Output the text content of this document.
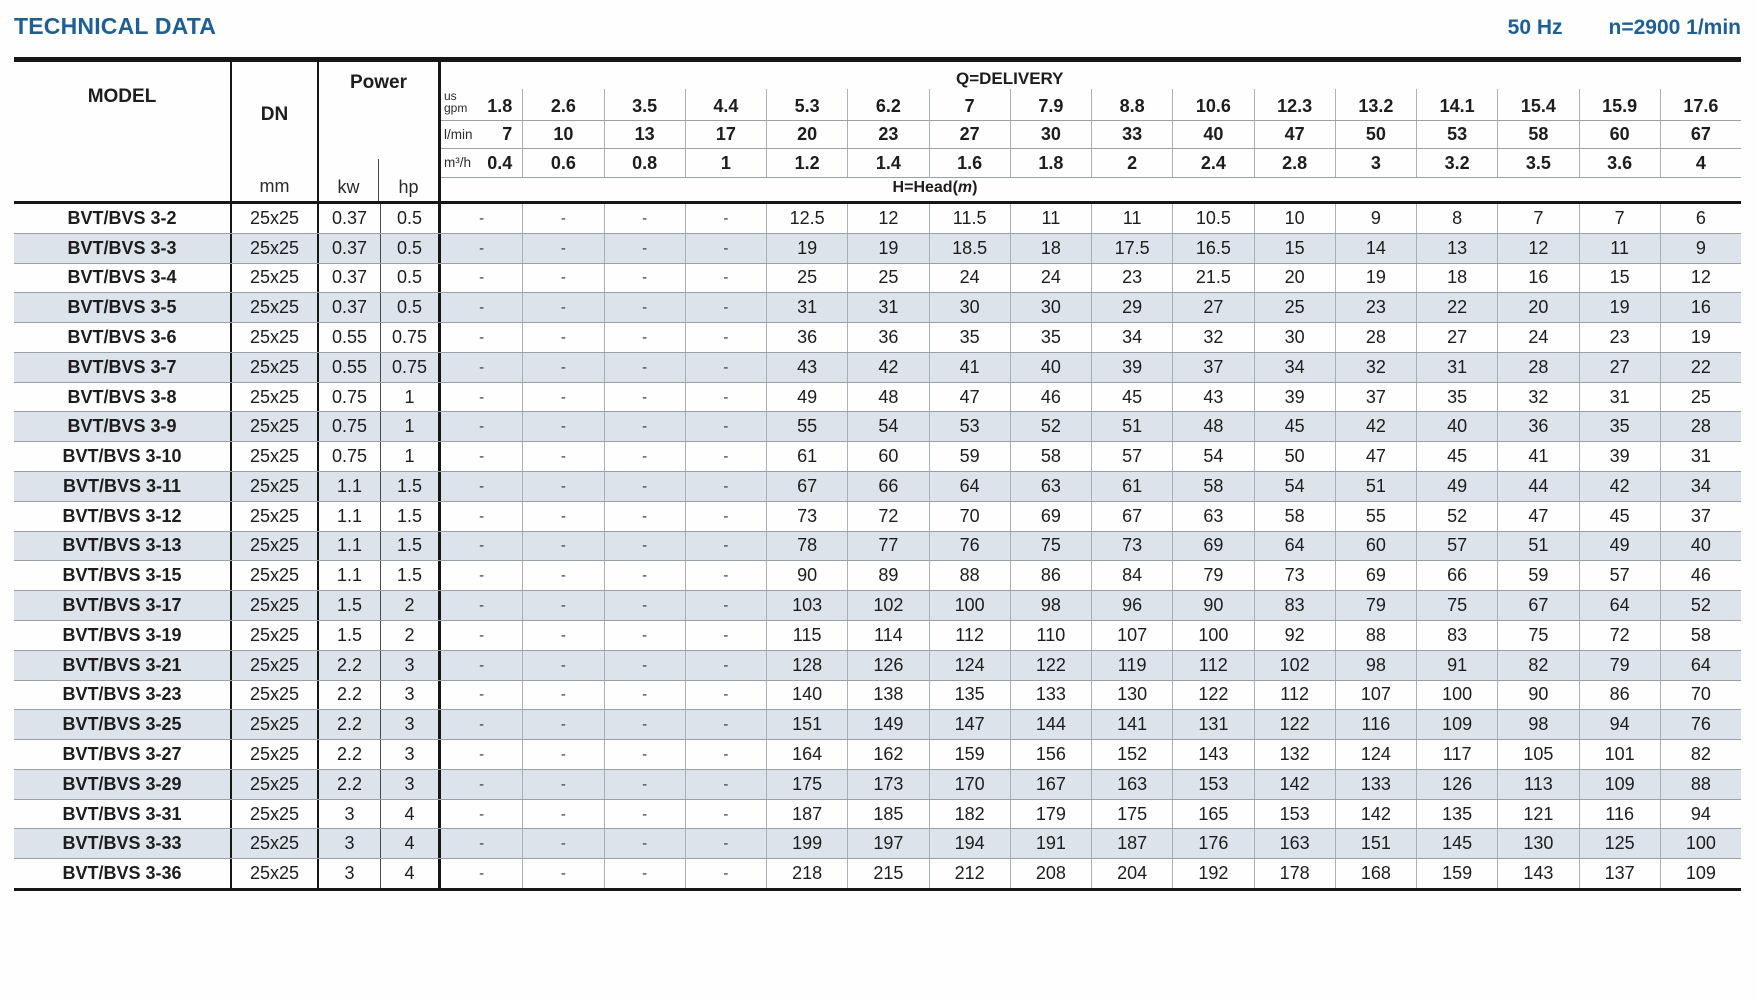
TECHNICAL DATA	50 Hz n=2900 1/min
MODEL
DN
mm
Power
kw	hp
Q=DELIVERY
us
gpm 1.8 2.6	3.5	4.4	5.3	6.2	7	7.9	8.8	10.6	12.3	13.2	14.1	15.4	15.9	17.6
l/min 7 10	13	17	20	23	27	30	33	40	47	50	53	58	60	67
m³/h 0.4 0.6	0.8	1	1.2	1.4	1.6	1.8	2	2.4	2.8	3	3.2	3.5	3.6	4
H=Head(m)
BVT/BVS 3-2	25x25	0.37	0.5	-	-	-	-	12.5	12	11.5	11	11	10.5	10	9	8	7	7	6
BVT/BVS 3-3	25x25	0.37	0.5	-	-	-	-	19	19	18.5	18	17.5	16.5	15	14	13	12	11	9
BVT/BVS 3-4	25x25	0.37	0.5	-	-	-	-	25	25	24	24	23	21.5	20	19	18	16	15	12
BVT/BVS 3-5	25x25	0.37	0.5	-	-	-	-	31	31	30	30	29	27	25	23	22	20	19	16
BVT/BVS 3-6	25x25	0.55	0.75	-	-	-	-	36	36	35	35	34	32	30	28	27	24	23	19
BVT/BVS 3-7	25x25	0.55	0.75	-	-	-	-	43	42	41	40	39	37	34	32	31	28	27	22
BVT/BVS 3-8	25x25	0.75	1	-	-	-	-	49	48	47	46	45	43	39	37	35	32	31	25
BVT/BVS 3-9	25x25	0.75	1	-	-	-	-	55	54	53	52	51	48	45	42	40	36	35	28
BVT/BVS 3-10	25x25	0.75	1	-	-	-	-	61	60	59	58	57	54	50	47	45	41	39	31
BVT/BVS 3-11	25x25	1.1	1.5	-	-	-	-	67	66	64	63	61	58	54	51	49	44	42	34
BVT/BVS 3-12	25x25	1.1	1.5	-	-	-	-	73	72	70	69	67	63	58	55	52	47	45	37
BVT/BVS 3-13	25x25	1.1	1.5	-	-	-	-	78	77	76	75	73	69	64	60	57	51	49	40
BVT/BVS 3-15	25x25	1.1	1.5	-	-	-	-	90	89	88	86	84	79	73	69	66	59	57	46
BVT/BVS 3-17	25x25	1.5	2	-	-	-	-	103	102	100	98	96	90	83	79	75	67	64	52
BVT/BVS 3-19	25x25	1.5	2	-	-	-	-	115	114	112	110	107	100	92	88	83	75	72	58
BVT/BVS 3-21	25x25	2.2	3	-	-	-	-	128	126	124	122	119	112	102	98	91	82	79	64
BVT/BVS 3-23	25x25	2.2	3	-	-	-	-	140	138	135	133	130	122	112	107	100	90	86	70
BVT/BVS 3-25	25x25	2.2	3	-	-	-	-	151	149	147	144	141	131	122	116	109	98	94	76
BVT/BVS 3-27	25x25	2.2	3	-	-	-	-	164	162	159	156	152	143	132	124	117	105	101	82
BVT/BVS 3-29	25x25	2.2	3	-	-	-	-	175	173	170	167	163	153	142	133	126	113	109	88
BVT/BVS 3-31	25x25	3	4	-	-	-	-	187	185	182	179	175	165	153	142	135	121	116	94
BVT/BVS 3-33	25x25	3	4	-	-	-	-	199	197	194	191	187	176	163	151	145	130	125	100
BVT/BVS 3-36	25x25	3	4	-	-	-	-	218	215	212	208	204	192	178	168	159	143	137	109
